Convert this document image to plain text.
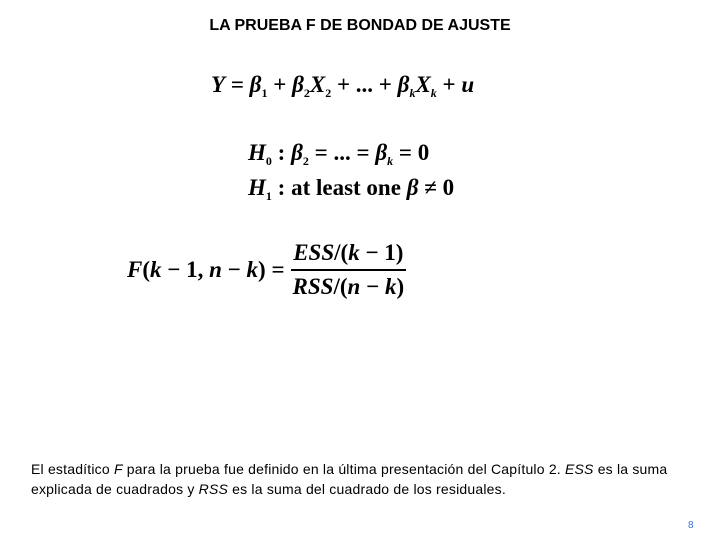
LA PRUEBA F DE BONDAD DE AJUSTE
$Y = \beta_1 + \beta_2X_2$ + ... + $\beta_kX_k + u$
$H_0$ : $\beta_2$ = ... = $\beta_k = 0$
$H_1$ : at least one β ≠ 0
F(k − 1, $n - k) = \frac{\text{ESS/(k − 1)}}{\text{RSS/(n − k)}}$
El estadítico F para la prueba fue definido en la última presentación del Capítulo 2. ESS es la suma explicada de cuadrados y RSS es la suma del cuadrado de los residuales.
8
